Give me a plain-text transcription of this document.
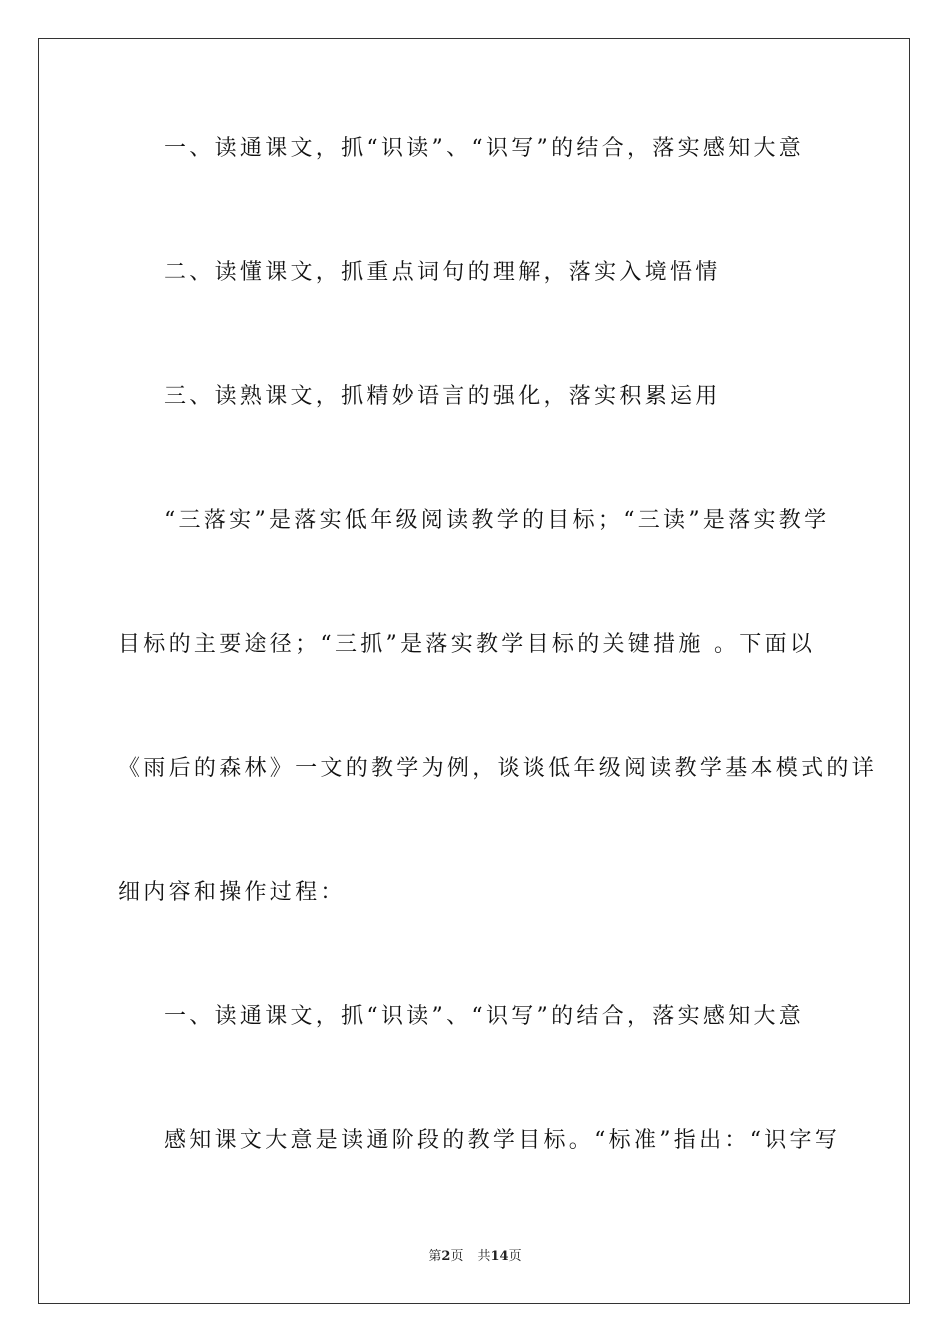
一、读通课文，抓“识读”、“识写”的结合，落实感知大意
二、读懂课文，抓重点词句的理解，落实入境悟情
三、读熟课文，抓精妙语言的强化，落实积累运用
“三落实”是落实低年级阅读教学的目标；“三读”是落实教学
目标的主要途径；“三抓”是落实教学目标的关键措施 。下面以
《雨后的森林》一文的教学为例，谈谈低年级阅读教学基本模式的详
细内容和操作过程：
一、读通课文，抓“识读”、“识写”的结合，落实感知大意
感知课文大意是读通阶段的教学目标。“标准”指出：“识字写
第2页 共14页
